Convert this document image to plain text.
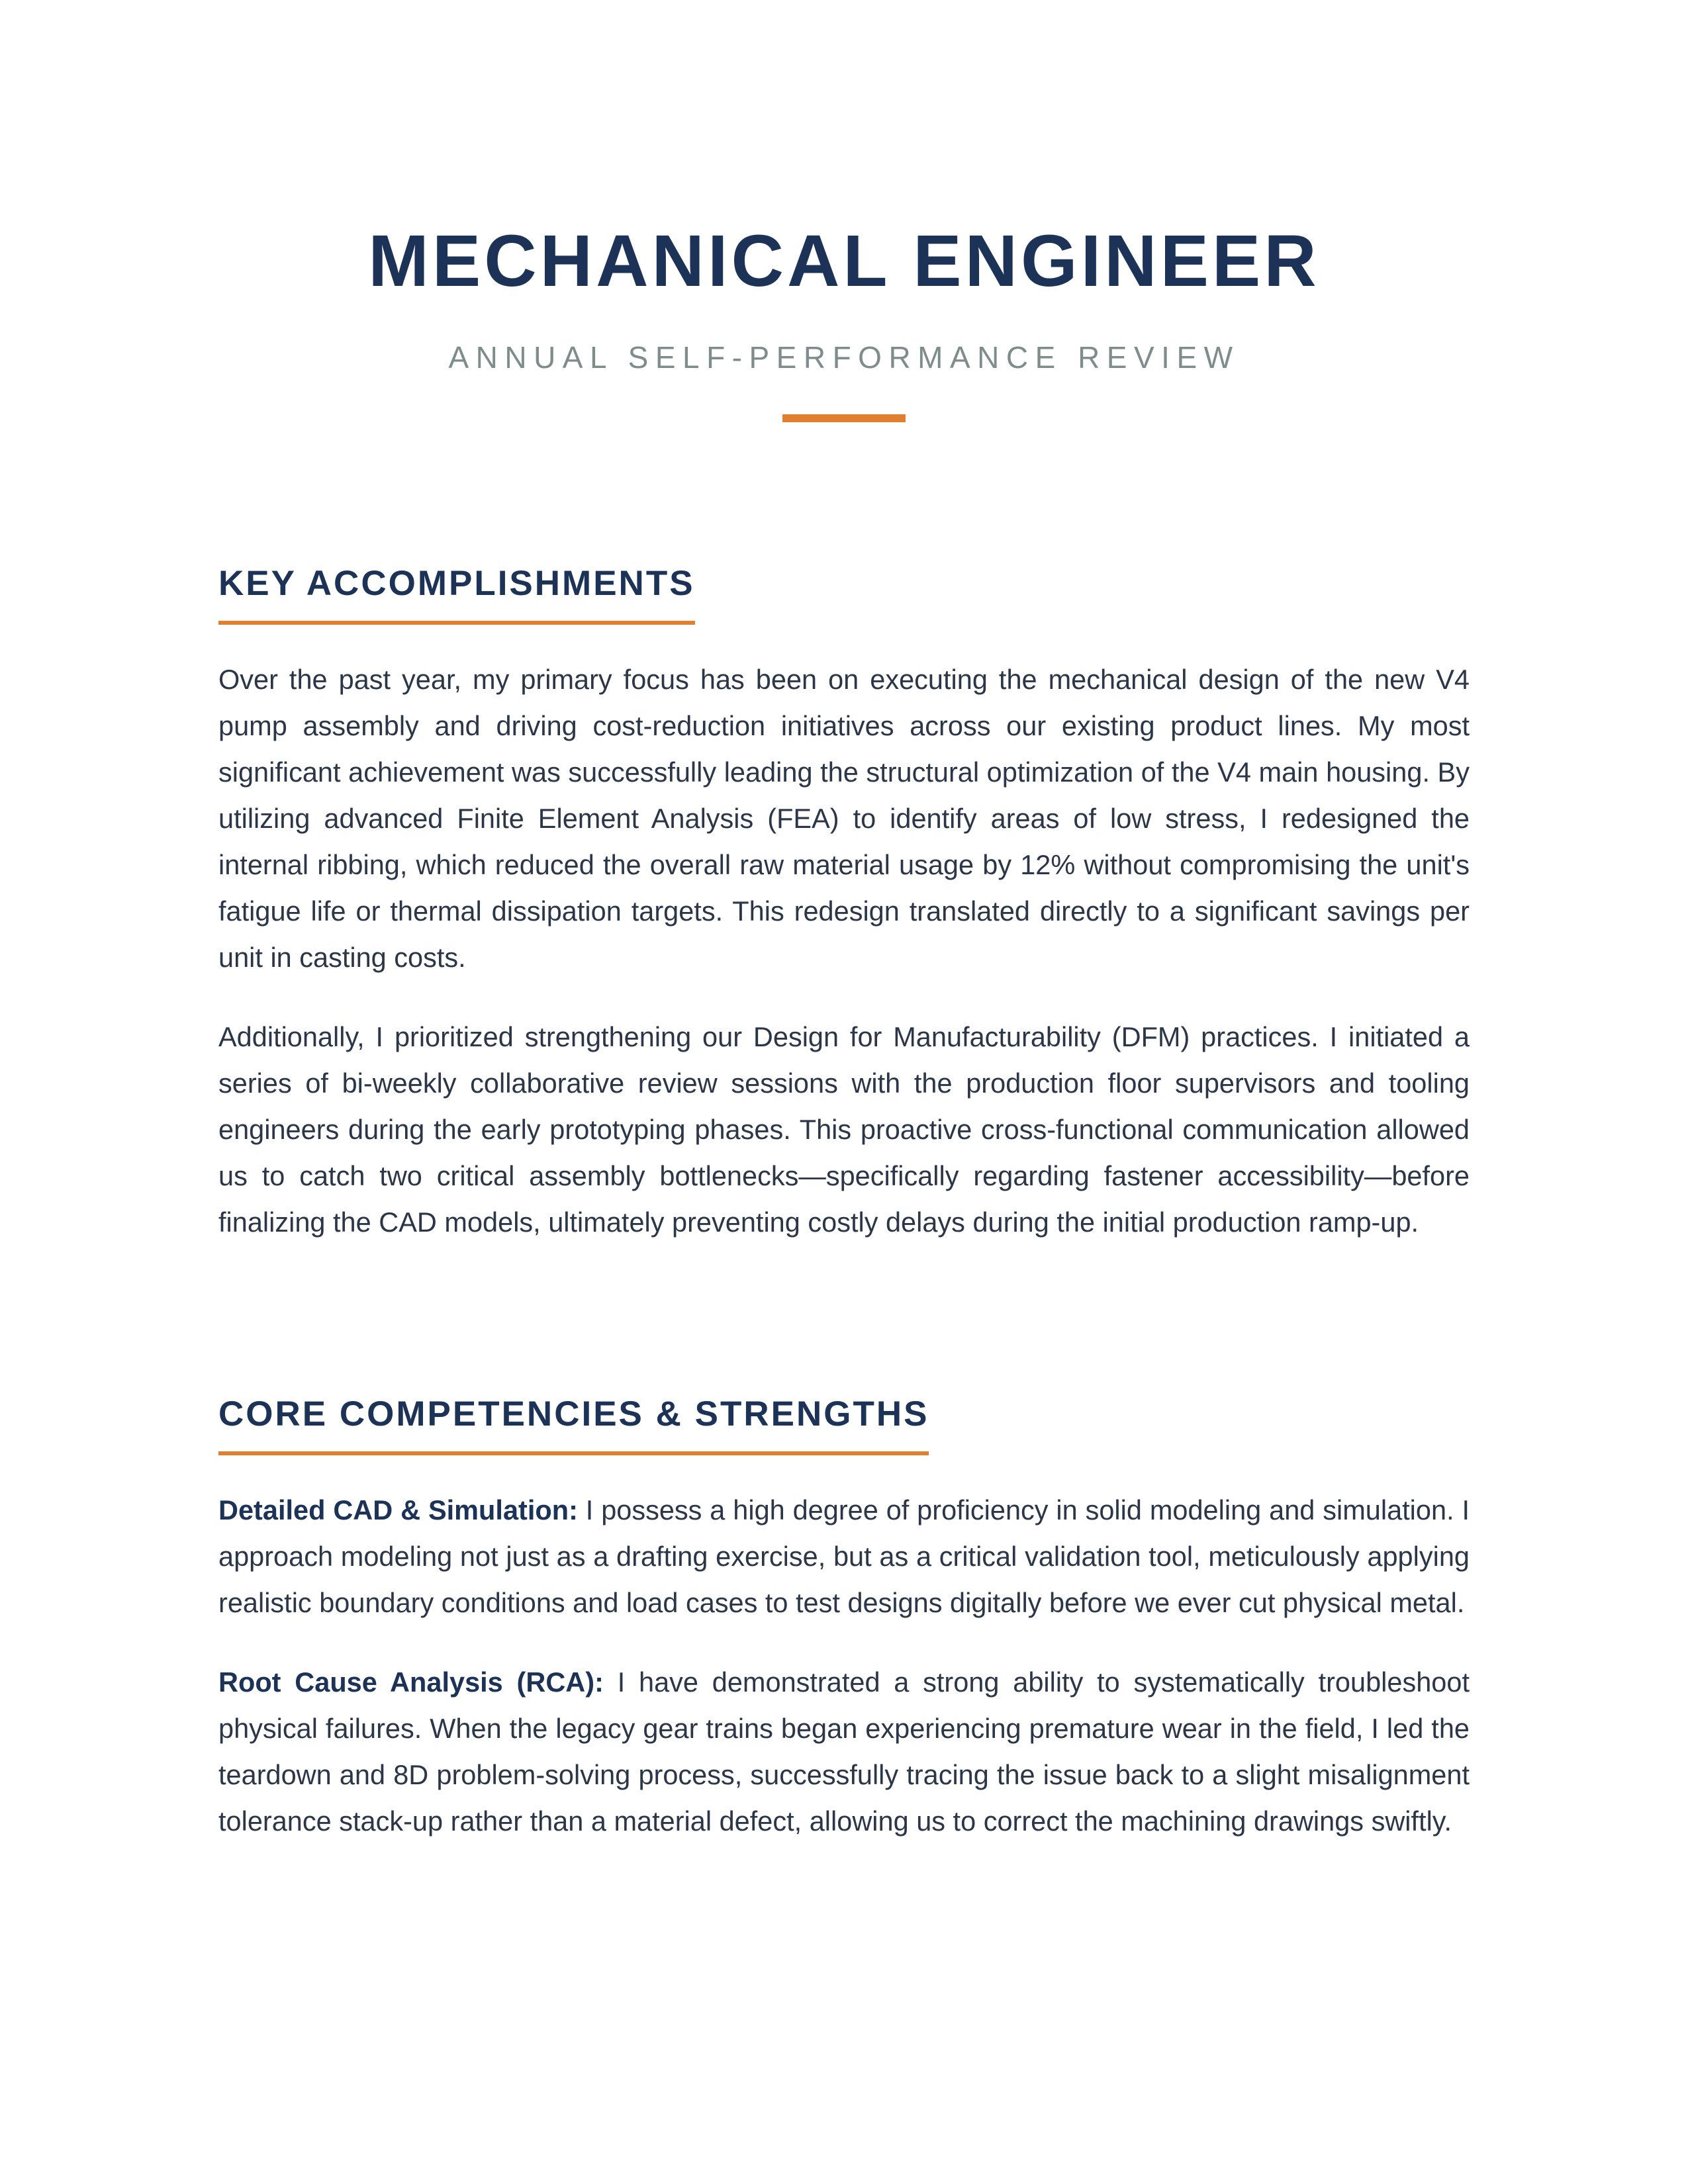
MECHANICAL ENGINEER
ANNUAL SELF-PERFORMANCE REVIEW
KEY ACCOMPLISHMENTS

Over the past year, my primary focus has been on executing the mechanical design of the new V4 pump assembly and driving cost-reduction initiatives across our existing product lines. My most significant achievement was successfully leading the structural optimization of the V4 main housing. By utilizing advanced Finite Element Analysis (FEA) to identify areas of low stress, I redesigned the internal ribbing, which reduced the overall raw material usage by 12% without compromising the unit's fatigue life or thermal dissipation targets. This redesign translated directly to a significant savings per unit in casting costs.

Additionally, I prioritized strengthening our Design for Manufacturability (DFM) practices. I initiated a series of bi-weekly collaborative review sessions with the production floor supervisors and tooling engineers during the early prototyping phases. This proactive cross-functional communication allowed us to catch two critical assembly bottlenecks—specifically regarding fastener accessibility—before finalizing the CAD models, ultimately preventing costly delays during the initial production ramp-up.

CORE COMPETENCIES & STRENGTHS

Detailed CAD & Simulation: I possess a high degree of proficiency in solid modeling and simulation. I approach modeling not just as a drafting exercise, but as a critical validation tool, meticulously applying realistic boundary conditions and load cases to test designs digitally before we ever cut physical metal.

Root Cause Analysis (RCA): I have demonstrated a strong ability to systematically troubleshoot physical failures. When the legacy gear trains began experiencing premature wear in the field, I led the teardown and 8D problem-solving process, successfully tracing the issue back to a slight misalignment tolerance stack-up rather than a material defect, allowing us to correct the machining drawings swiftly.
